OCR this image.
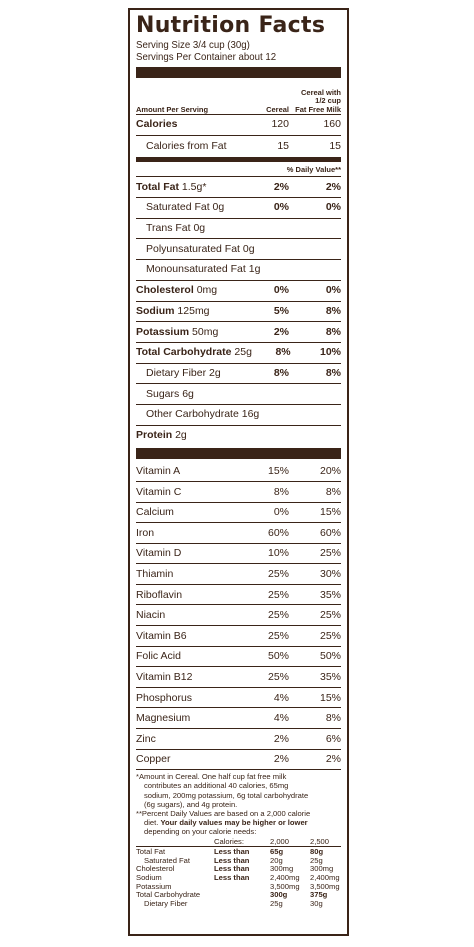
Nutrition Facts
Serving Size 3/4 cup (30g)
Servings Per Container about 12
Amount Per Serving	Cereal
Cereal with
1/2 cup
Fat Free Milk
Calories	120	160
Calories from Fat	15	15
% Daily Value**
Total Fat 1.5g*	2%	2%
Saturated Fat 0g	0%	0%
Trans Fat 0g
Polyunsaturated Fat 0g
Monounsaturated Fat 1g
Cholesterol 0mg	0%	0%
Sodium 125mg	5%	8%
Potassium 50mg	2%	8%
Total Carbohydrate 25g	8%	10%
Dietary Fiber 2g	8%	8%
Sugars 6g
Other Carbohydrate 16g
Protein 2g
Vitamin A	15%	20%
Vitamin C	8%	8%
Calcium	0%	15%
Iron	60%	60%
Vitamin D	10%	25%
Thiamin	25%	30%
Riboflavin	25%	35%
Niacin	25%	25%
Vitamin B6	25%	25%
Folic Acid	50%	50%
Vitamin B12	25%	35%
Phosphorus	4%	15%
Magnesium	4%	8%
Zinc	2%	6%
Copper	2%	2%

*Amount in Cereal. One half cup fat free milk

contributes an additional 40 calories, 65mg

sodium, 200mg potassium, 6g total carbohydrate

(6g sugars), and 4g protein.

**Percent Daily Values are based on a 2,000 calorie

diet. Your daily values may be higher or lower

depending on your calorie needs:

	Calories:	2,000	2,500
Total Fat	Less than	65g	80g
Saturated Fat	Less than	20g	25g
Cholesterol	Less than	300mg	300mg
Sodium	Less than	2,400mg	2,400mg
Potassium		3,500mg	3,500mg
Total Carbohydrate		300g	375g
Dietary Fiber		25g	30g
